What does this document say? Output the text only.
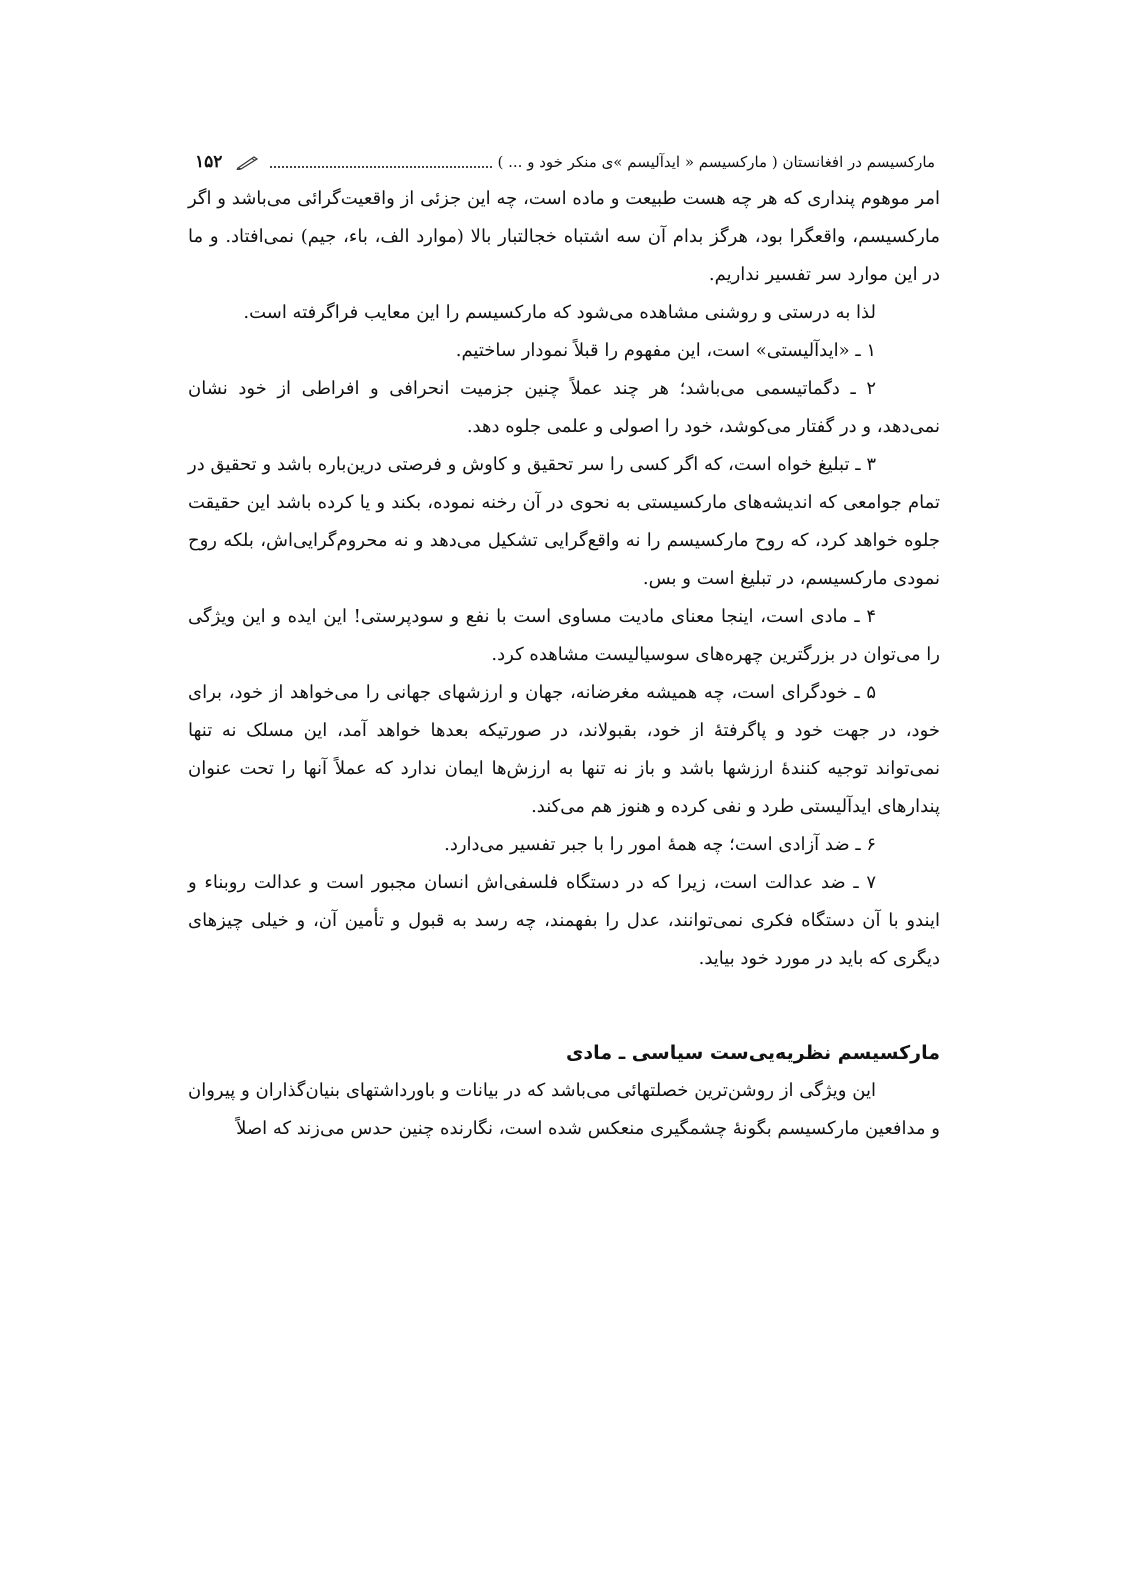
مارکسیسم در افغانستان ( مارکسیسم « ایدآلیسم »ی منکر خود و ... )
۱۵۲

امر موهوم پنداری که هر چه هست طبیعت و ماده است، چه این جزئی از واقعیت‌گرائی می‌باشد و اگر مارکسیسم، واقعگرا بود، هرگز بدام آن سه اشتباه خجالتبار بالا (موارد الف، باء، جیم) نمی‌افتاد. و ما در این موارد سر تفسیر نداریم.

لذا به درستی و روشنی مشاهده می‌شود که مارکسیسم را این معایب فراگرفته است.

۱ ـ «ایدآلیستی» است، این مفهوم را قبلاً نمودار ساختیم.

۲ ـ دگماتیسمی می‌باشد؛ هر چند عملاً چنین جزمیت انحرافی و افراطی از خود نشان نمی‌دهد، و در گفتار می‌کوشد، خود را اصولی و علمی جلوه دهد.

۳ ـ تبلیغ خواه است، که اگر کسی را سر تحقیق و کاوش و فرصتی درین‌باره باشد و تحقیق در تمام جوامعی که اندیشه‌های مارکسیستی به نحوی در آن رخنه نموده، بکند و یا کرده باشد این حقیقت جلوه خواهد کرد، که روح مارکسیسم را نه واقع‌گرایی تشکیل می‌دهد و نه محروم‌گرایی‌اش، بلکه روح نمودی مارکسیسم، در تبلیغ است و بس.

۴ ـ مادی است، اینجا معنای مادیت مساوی است با نفع و سودپرستی! این ایده و این ویژگی را می‌توان در بزرگترین چهره‌های سوسیالیست مشاهده کرد.

۵ ـ خودگرای است، چه همیشه مغرضانه، جهان و ارزشهای جهانی را می‌خواهد از خود، برای خود، در جهت خود و پاگرفتهٔ از خود، بقبولاند، در صورتیکه بعدها خواهد آمد، این مسلک نه تنها نمی‌تواند توجیه کنندهٔ ارزشها باشد و باز نه تنها به ارزش‌ها ایمان ندارد که عملاً آنها را تحت عنوان پندارهای ایدآلیستی طرد و نفی کرده و هنوز هم می‌کند.

۶ ـ ضد آزادی است؛ چه همهٔ امور را با جبر تفسیر می‌دارد.

۷ ـ ضد عدالت است، زیرا که در دستگاه فلسفی‌اش انسان مجبور است و عدالت روبناء و ایندو با آن دستگاه فکری نمی‌توانند، عدل را بفهمند، چه رسد به قبول و تأمین آن، و خیلی چیزهای دیگری که باید در مورد خود بیاید.

مارکسیسم نظریه‌یی‌ست سیاسی ـ مادی

این ویژگی از روشن‌ترین خصلتهائی می‌باشد که در بیانات و باورداشتهای بنیان‌گذاران و پیروان و مدافعین مارکسیسم بگونهٔ چشمگیری منعکس شده است، نگارنده چنین حدس می‌زند که اصلاً
